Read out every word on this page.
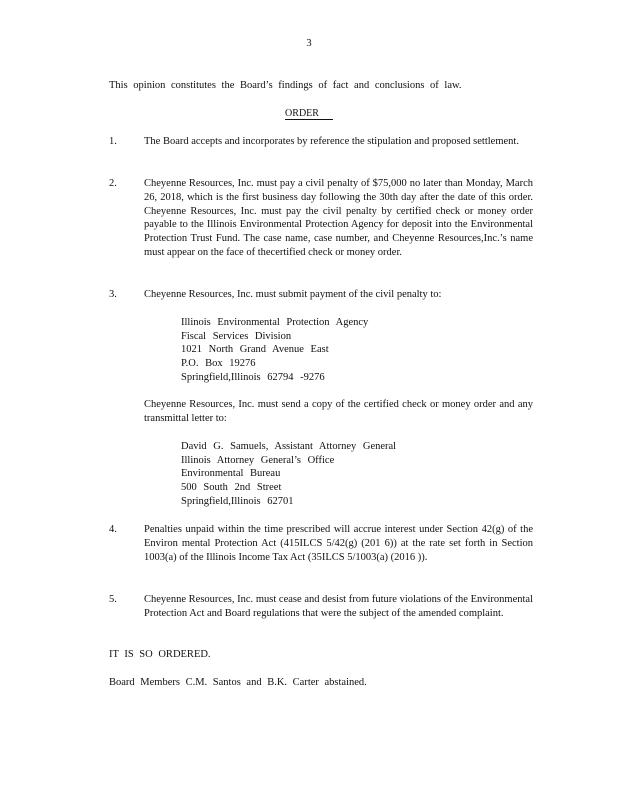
3
This opinion constitutes the Board’s findings of fact and conclusions of law.
ORDER
1.	The Board accepts and incorporates by reference the stipulation and proposed settlement.
2.	Cheyenne Resources, Inc. must pay a civil penalty of $75,000 no later than Monday, March 26, 2018, which is the first business day following the 30th day after the date of this order. Cheyenne Resources, Inc. must pay the civil penalty by certified check or money order payable to the Illinois Environmental Protection Agency for deposit into the Environmental Protection Trust Fund. The case name, case number, and Cheyenne Resources,Inc.’s name must appear on the face of thecertified check or money order.
3.	Cheyenne Resources, Inc. must submit payment of the civil penalty to:
Illinois Environmental Protection Agency
Fiscal Services Division
1021 North Grand Avenue East
P.O. Box 19276
Springfield,Illinois 62794 -9276
Cheyenne Resources, Inc. must send a copy of the certified check or money order and any transmittal letter to:
David G. Samuels, Assistant Attorney General
Illinois Attorney General’s Office
Environmental Bureau
500 South 2nd Street
Springfield,Illinois 62701
4.	Penalties unpaid within the time prescribed will accrue interest under Section 42(g) of the Environ mental Protection Act (415ILCS 5/42(g) (201 6)) at the rate set forth in Section 1003(a) of the Illinois Income Tax Act (35ILCS 5/1003(a) (2016 )).
5.	Cheyenne Resources, Inc. must cease and desist from future violations of the Environmental Protection Act and Board regulations that were the subject of the amended complaint.
IT IS SO ORDERED.
Board Members C.M. Santos and B.K. Carter abstained.
